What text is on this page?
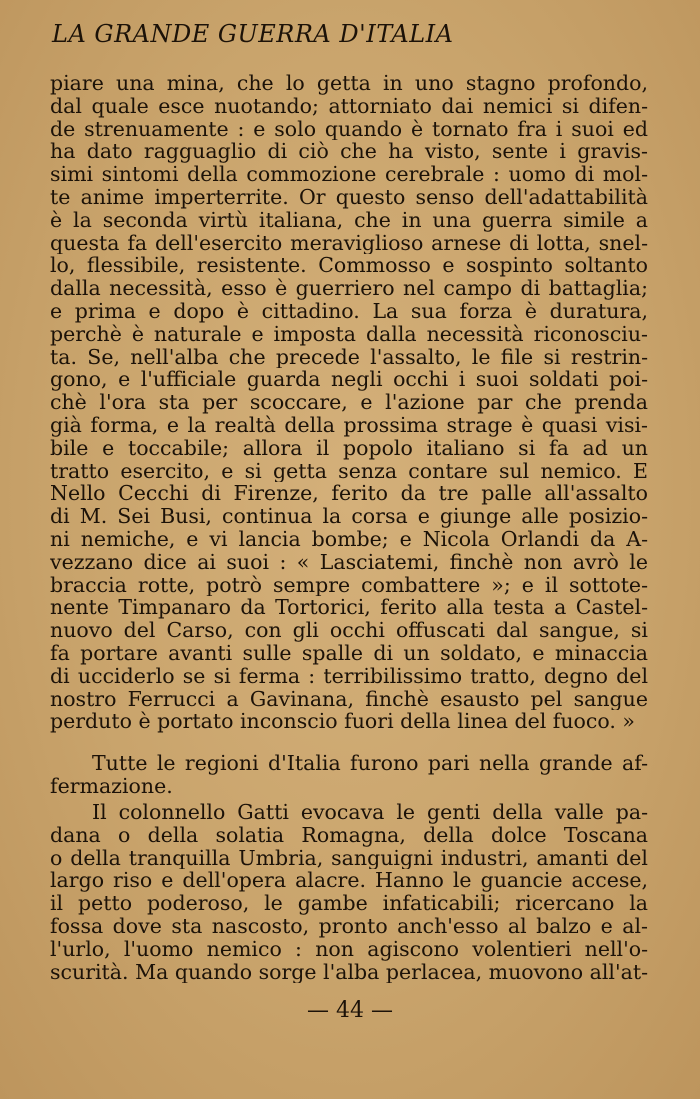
LA GRANDE GUERRA D'ITALIA
piare una mina, che lo getta in uno stagno profondo,
dal quale esce nuotando; attorniato dai nemici si difen-
de strenuamente : e solo quando è tornato fra i suoi ed
ha dato ragguaglio di ciò che ha visto, sente i gravis-
simi sintomi della commozione cerebrale : uomo di mol-
te anime imperterrite. Or questo senso dell'adattabilità
è la seconda virtù italiana, che in una guerra simile a
questa fa dell'esercito meraviglioso arnese di lotta, snel-
lo, flessibile, resistente. Commosso e sospinto soltanto
dalla necessità, esso è guerriero nel campo di battaglia;
e prima e dopo è cittadino. La sua forza è duratura,
perchè è naturale e imposta dalla necessità riconosciu-
ta. Se, nell'alba che precede l'assalto, le file si restrin-
gono, e l'ufficiale guarda negli occhi i suoi soldati poi-
chè l'ora sta per scoccare, e l'azione par che prenda
già forma, e la realtà della prossima strage è quasi visi-
bile e toccabile; allora il popolo italiano si fa ad un
tratto esercito, e si getta senza contare sul nemico. E
Nello Cecchi di Firenze, ferito da tre palle all'assalto
di M. Sei Busi, continua la corsa e giunge alle posizio-
ni nemiche, e vi lancia bombe; e Nicola Orlandi da A-
vezzano dice ai suoi : « Lasciatemi, finchè non avrò le
braccia rotte, potrò sempre combattere »; e il sottote-
nente Timpanaro da Tortorici, ferito alla testa a Castel-
nuovo del Carso, con gli occhi offuscati dal sangue, si
fa portare avanti sulle spalle di un soldato, e minaccia
di ucciderlo se si ferma : terribilissimo tratto, degno del
nostro Ferrucci a Gavinana, finchè esausto pel sangue
perduto è portato inconscio fuori della linea del fuoco. »
Tutte le regioni d'Italia furono pari nella grande af-
fermazione.
Il colonnello Gatti evocava le genti della valle pa-
dana o della solatia Romagna, della dolce Toscana
o della tranquilla Umbria, sanguigni industri, amanti del
largo riso e dell'opera alacre. Hanno le guancie accese,
il petto poderoso, le gambe infaticabili; ricercano la
fossa dove sta nascosto, pronto anch'esso al balzo e al-
l'urlo, l'uomo nemico : non agiscono volentieri nell'o-
scurità. Ma quando sorge l'alba perlacea, muovono all'at-
— 44 —
